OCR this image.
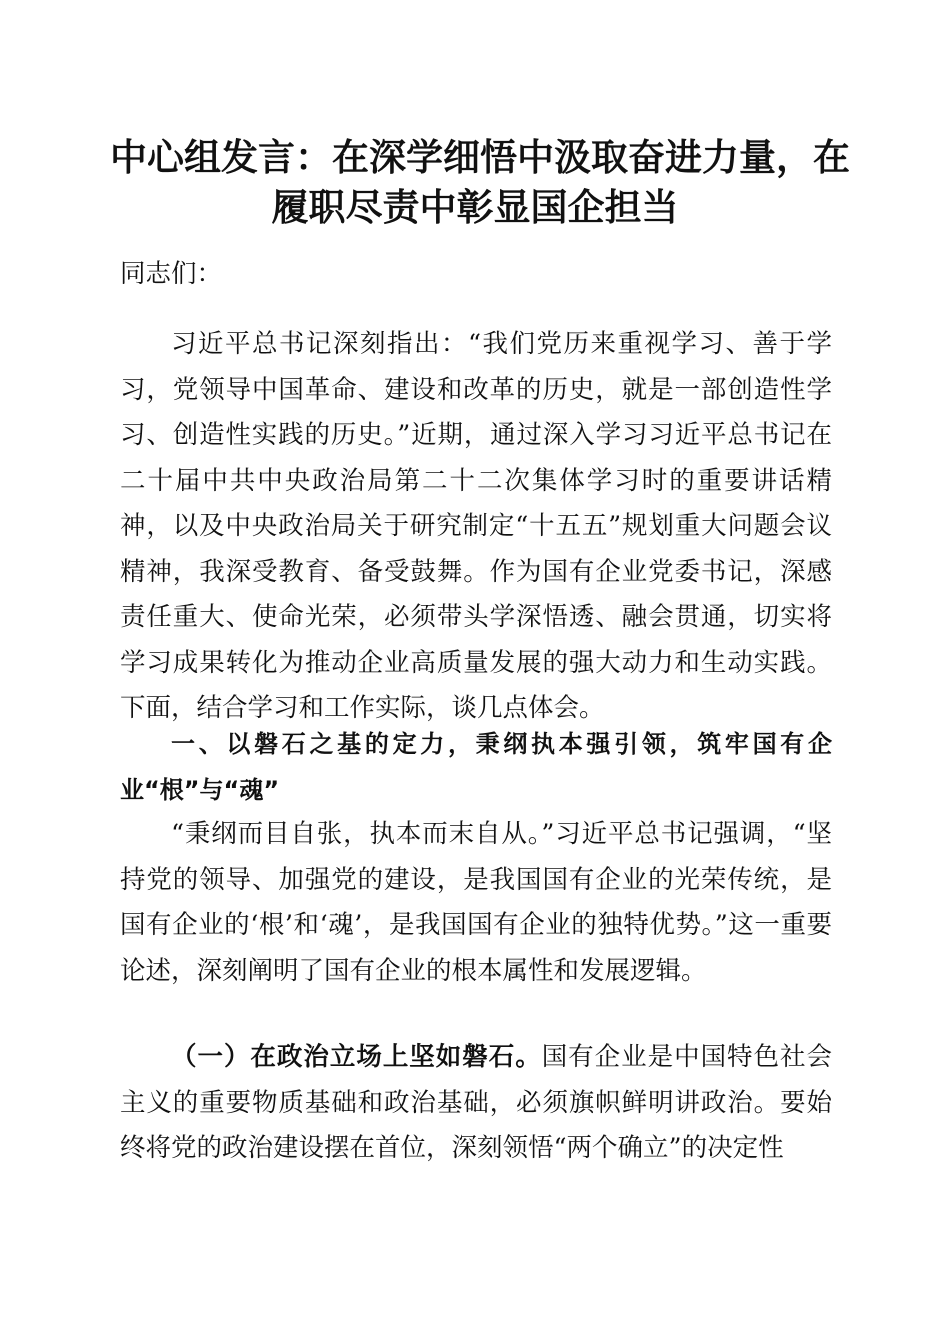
中心组发言：在深学细悟中汲取奋进力量，在
履职尽责中彰显国企担当

同志们：

习近平总书记深刻指出：“我们党历来重视学习、善于学习，党领导中国革命、建设和改革的历史，就是一部创造性学习、创造性实践的历史。”近期，通过深入学习习近平总书记在二十届中共中央政治局第二十二次集体学习时的重要讲话精神，以及中央政治局关于研究制定“十五五”规划重大问题会议精神，我深受教育、备受鼓舞。作为国有企业党委书记，深感责任重大、使命光荣，必须带头学深悟透、融会贯通，切实将学习成果转化为推动企业高质量发展的强大动力和生动实践。下面，结合学习和工作实际，谈几点体会。

一、以磐石之基的定力，秉纲执本强引领，筑牢国有企业“根”与“魂”

“秉纲而目自张，执本而末自从。”习近平总书记强调，“坚持党的领导、加强党的建设，是我国国有企业的光荣传统，是国有企业的‘根’和‘魂’，是我国国有企业的独特优势。”这一重要论述，深刻阐明了国有企业的根本属性和发展逻辑。

（一）在政治立场上坚如磐石。国有企业是中国特色社会主义的重要物质基础和政治基础，必须旗帜鲜明讲政治。要始终将党的政治建设摆在首位，深刻领悟“两个确立”的决定性
